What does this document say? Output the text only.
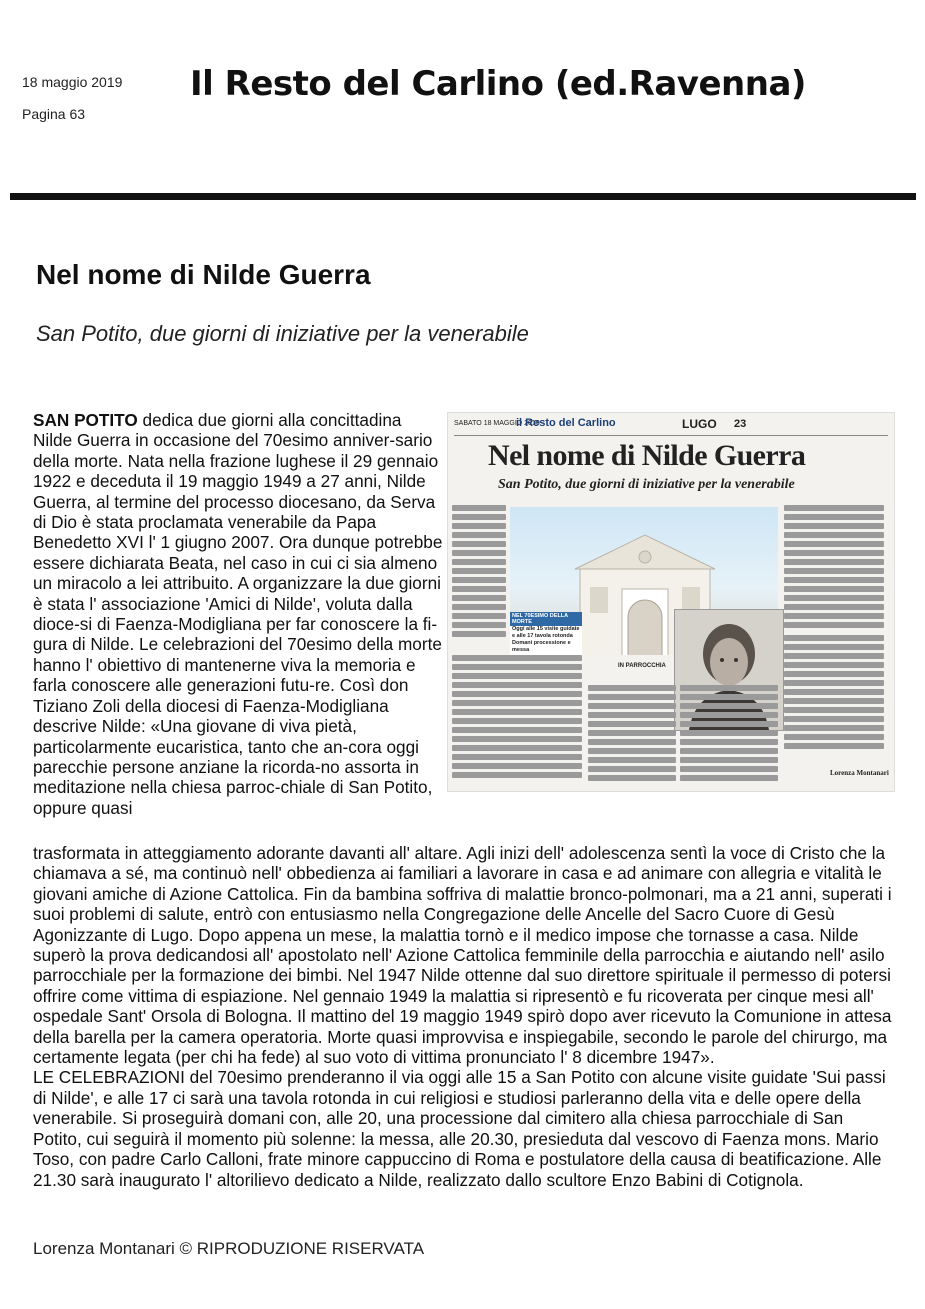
18 maggio 2019
Pagina 63
Il Resto del Carlino (ed.Ravenna)
Nel nome di Nilde Guerra
San Potito, due giorni di iniziative per la venerabile

SAN POTITO dedica due giorni alla concittadina Nilde Guerra in occasione del 70esimo anniver-sario della morte. Nata nella frazione lughese il 29 gennaio 1922 e deceduta il 19 maggio 1949 a 27 anni, Nilde Guerra, al termine del processo diocesano, da Serva di Dio è stata proclamata venerabile da Papa Benedetto XVI l' 1 giugno 2007. Ora dunque potrebbe essere dichiarata Beata, nel caso in cui ci sia almeno un miracolo a lei attribuito. A organizzare la due giorni è stata l' associazione 'Amici di Nilde', voluta dalla dioce-si di Faenza-Modigliana per far conoscere la fi-gura di Nilde. Le celebrazioni del 70esimo della morte hanno l' obiettivo di mantenerne viva la memoria e farla conoscere alle generazioni futu-re. Così don Tiziano Zoli della diocesi di Faenza-Modigliana descrive Nilde: «Una giovane di viva pietà, particolarmente eucaristica, tanto che an-cora oggi parecchie persone anziane la ricorda-no assorta in meditazione nella chiesa parroc-chiale di San Potito, oppure quasi

SABATO 18 MAGGIO 2019
il Resto del Carlino	LUGO 23
Nel nome di Nilde Guerra
San Potito, due giorni di iniziative per la venerabile
NEL 70ESIMO DELLA MORTE
Oggi alle 15 visite guidate
e alle 17 tavola rotonda
Domani processione e messa
IN PARROCCHIA
Lorenza Montanari

trasformata in atteggiamento adorante davanti all' altare. Agli inizi dell' adolescenza sentì la voce di Cristo che la chiamava a sé, ma continuò nell' obbedienza ai familiari a lavorare in casa e ad animare con allegria e vitalità le giovani amiche di Azione Cattolica. Fin da bambina soffriva di malattie bronco-polmonari, ma a 21 anni, superati i suoi problemi di salute, entrò con entusiasmo nella Congregazione delle Ancelle del Sacro Cuore di Gesù Agonizzante di Lugo. Dopo appena un mese, la malattia tornò e il medico impose che tornasse a casa. Nilde superò la prova dedicandosi all' apostolato nell' Azione Cattolica femminile della parrocchia e aiutando nell' asilo parrocchiale per la formazione dei bimbi. Nel 1947 Nilde ottenne dal suo direttore spirituale il permesso di potersi offrire come vittima di espiazione. Nel gennaio 1949 la malattia si ripresentò e fu ricoverata per cinque mesi all' ospedale Sant' Orsola di Bologna. Il mattino del 19 maggio 1949 spirò dopo aver ricevuto la Comunione in attesa della barella per la camera operatoria. Morte quasi improvvisa e inspiegabile, secondo le parole del chirurgo, ma certamente legata (per chi ha fede) al suo voto di vittima pronunciato l' 8 dicembre 1947».

LE CELEBRAZIONI del 70esimo prenderanno il via oggi alle 15 a San Potito con alcune visite guidate 'Sui passi di Nilde', e alle 17 ci sarà una tavola rotonda in cui religiosi e studiosi parleranno della vita e delle opere della venerabile. Si proseguirà domani con, alle 20, una processione dal cimitero alla chiesa parrocchiale di San Potito, cui seguirà il momento più solenne: la messa, alle 20.30, presieduta dal vescovo di Faenza mons. Mario Toso, con padre Carlo Calloni, frate minore cappuccino di Roma e postulatore della causa di beatificazione. Alle 21.30 sarà inaugurato l' altorilievo dedicato a Nilde, realizzato dallo scultore Enzo Babini di Cotignola.

Lorenza Montanari © RIPRODUZIONE RISERVATA
